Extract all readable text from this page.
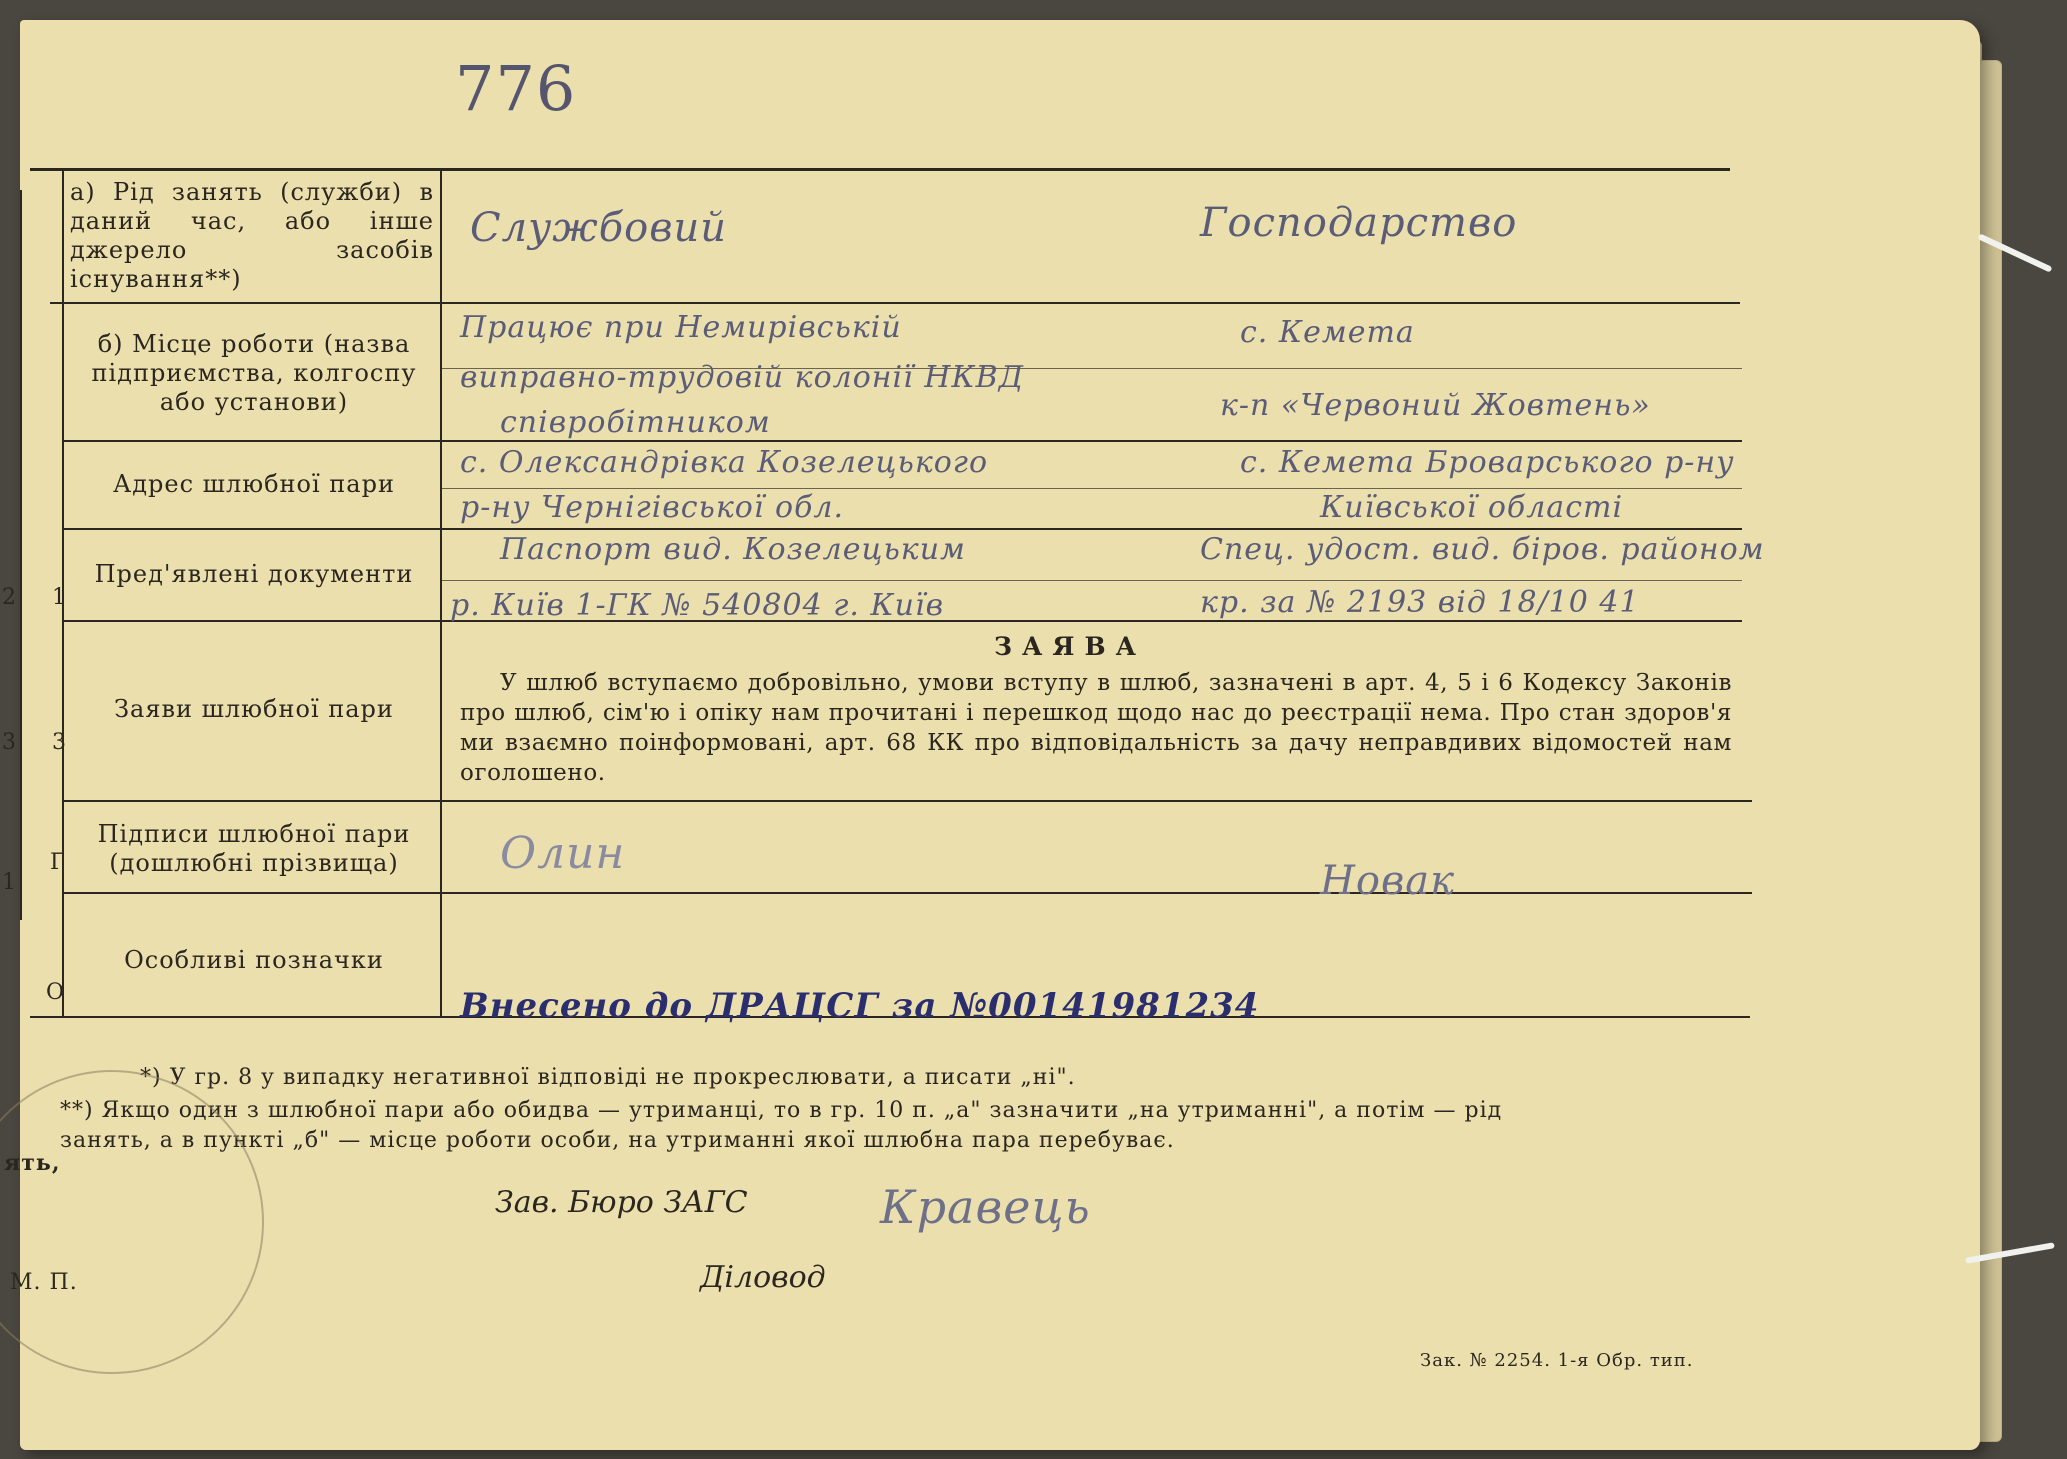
776
2 1
3 3
1
Г
О
а) Рід занять (служби) в даний час, або інше джерело засобів існування**)
б) Місце роботи (назва підприємства, колгоспу або установи)
Адрес шлюбної пари
Пред'явлені документи
Заяви шлюбної пари
Підписи шлюбної пари (дошлюбні прізвища)
Особливі позначки
Службовий	Господарство
Працює при Немирівській
виправно-трудовій колонії НКВД
співробітником
с. Кемета
к-п «Червоний Жовтень»
с. Олександрівка Козелецького
р-ну Чернігівської обл.
с. Кемета Броварського р-ну
Київської області
Паспорт вид. Козелецьким
р. Київ 1-ГК № 540804 г. Київ
Спец. удост. вид. біров. районом
кр. за № 2193 від 18/10 41
ЗАЯВА
У шлюб вступаємо добровільно, умови вступу в шлюб, зазначені в арт. 4, 5 і 6 Кодексу Законів про шлюб, сім'ю і опіку нам прочитані і перешкод щодо нас до реєстрації нема. Про стан здоров'я ми взаємно поінформовані, арт. 68 КК про відповідальність за дачу неправдивих відомостей нам оголошено.
Олин
Новак
Внесено до ДРАЦСГ за №00141981234
*) У гр. 8 у випадку негативної відповіді не прокреслювати, а писати „ні".
**) Якщо один з шлюбної пари або обидва — утриманці, то в гр. 10 п. „а" зазначити „на утриманні", а потім — рід
занять, а в пункті „б" — місце роботи особи, на утриманні якої шлюбна пара перебуває.
ять,
Зав. Бюро ЗАГС	Кравець
Діловод
М. П.
Зак. № 2254. 1-я Обр. тип.
